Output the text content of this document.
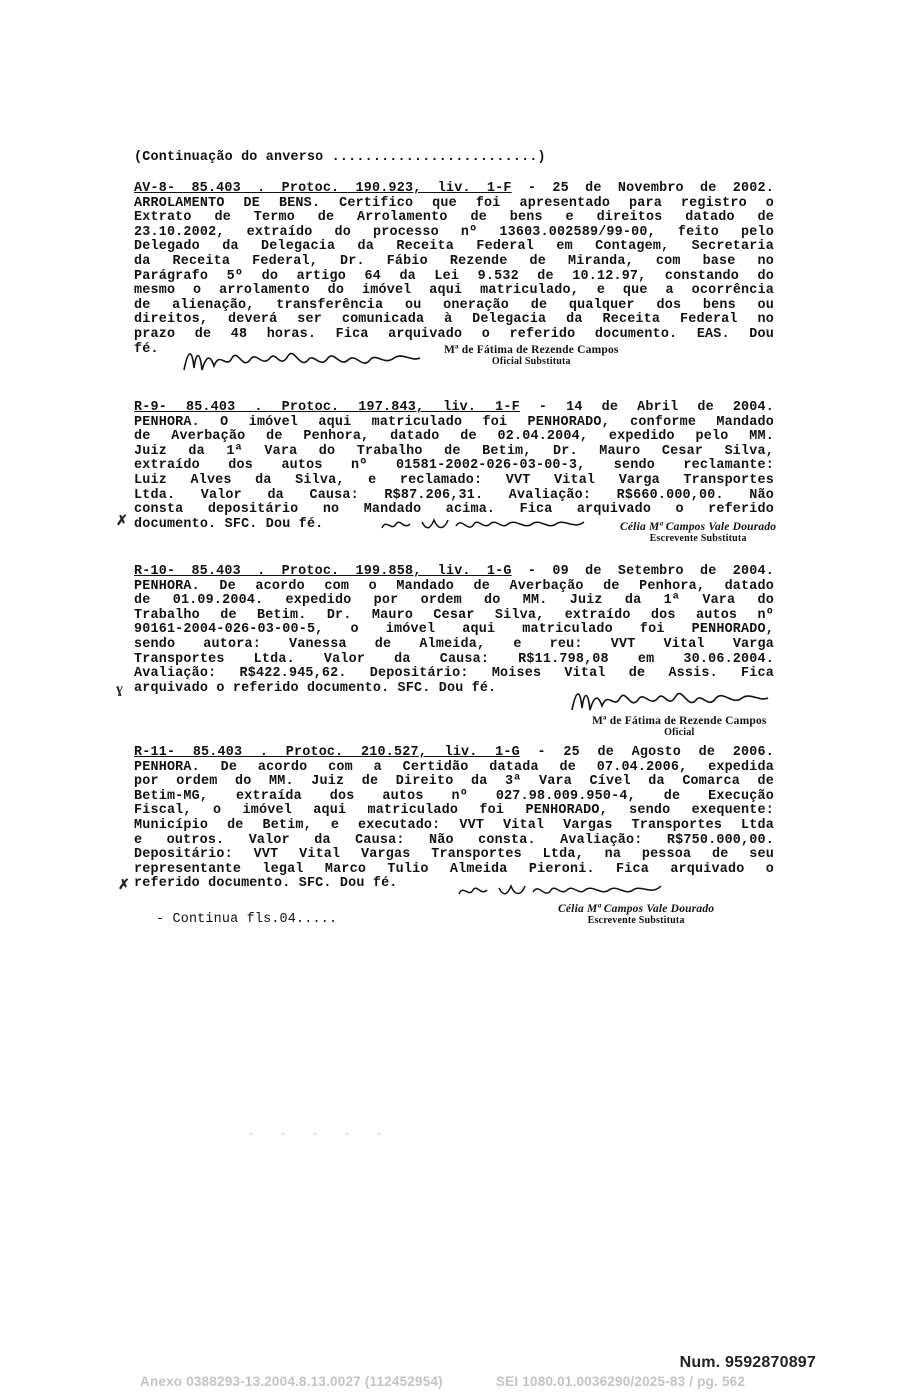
(Continuação do anverso .........................)
AV-8- 85.403 . Protoc. 190.923, liv. 1-F - 25 de Novembro de 2002.
ARROLAMENTO DE BENS. Certifico que foi apresentado para registro o
Extrato de Termo de Arrolamento de bens e direitos datado de
23.10.2002, extraído do processo nº 13603.002589/99-00, feito pelo
Delegado da Delegacia da Receita Federal em Contagem, Secretaria
da Receita Federal, Dr. Fábio Rezende de Miranda, com base no
Parágrafo 5º do artigo 64 da Lei 9.532 de 10.12.97, constando do
mesmo o arrolamento do imóvel aqui matriculado, e que a ocorrência
de alienação, transferência ou oneração de qualquer dos bens ou
direitos, deverá ser comunicada à Delegacia da Receita Federal no
prazo de 48 horas. Fica arquivado o referido documento. EAS. Dou
fé.	Mª de Fátima de Rezende Campos
Oficial Substituta
R-9- 85.403 . Protoc. 197.843, liv. 1-F - 14 de Abril de 2004.
PENHORA. O imóvel aqui matriculado foi PENHORADO, conforme Mandado
de Averbação de Penhora, datado de 02.04.2004, expedido pelo MM.
Juiz da 1ª Vara do Trabalho de Betim, Dr. Mauro Cesar Silva,
extraído dos autos nº 01581-2002-026-03-00-3, sendo reclamante:
Luiz Alves da Silva, e reclamado: VVT Vital Varga Transportes
Ltda. Valor da Causa: R$87.206,31. Avaliação: R$660.000,00. Não
consta depositário no Mandado acima. Fica arquivado o referido
documento. SFC. Dou fé.
✗	Célia Mª Campos Vale Dourado
Escrevente Substituta
R-10- 85.403 . Protoc. 199.858, liv. 1-G - 09 de Setembro de 2004.
PENHORA. De acordo com o Mandado de Averbação de Penhora, datado
de 01.09.2004. expedido por ordem do MM. Juiz da 1ª Vara do
Trabalho de Betim. Dr. Mauro Cesar Silva, extraído dos autos nº
90161-2004-026-03-00-5, o imóvel aqui matriculado foi PENHORADO,
sendo autora: Vanessa de Almeida, e reu: VVT Vital Varga
Transportes Ltda. Valor da Causa: R$11.798,08 em 30.06.2004.
Avaliação: R$422.945,62. Depositário: Moises Vital de Assis. Fica
arquivado o referido documento. SFC. Dou fé.
ɣ
Mª de Fátima de Rezende Campos
Oficial
R-11- 85.403 . Protoc. 210.527, liv. 1-G - 25 de Agosto de 2006.
PENHORA. De acordo com a Certidão datada de 07.04.2006, expedida
por ordem do MM. Juiz de Direito da 3ª Vara Cível da Comarca de
Betim-MG, extraída dos autos nº 027.98.009.950-4, de Execução
Fiscal, o imóvel aqui matriculado foi PENHORADO, sendo exequente:
Município de Betim, e executado: VVT Vital Vargas Transportes Ltda
e outros. Valor da Causa: Não consta. Avaliação: R$750.000,00.
Depositário: VVT Vital Vargas Transportes Ltda, na pessoa de seu
representante legal Marco Tulio Almeida Pieroni. Fica arquivado o
referido documento. SFC. Dou fé.
✗
Célia Mª Campos Vale Dourado
Escrevente Substituta
- Continua fls.04.....
·····
Num. 9592870897
Anexo 0388293-13.2004.8.13.0027 (112452954)	SEI 1080.01.0036290/2025-83 / pg. 562
